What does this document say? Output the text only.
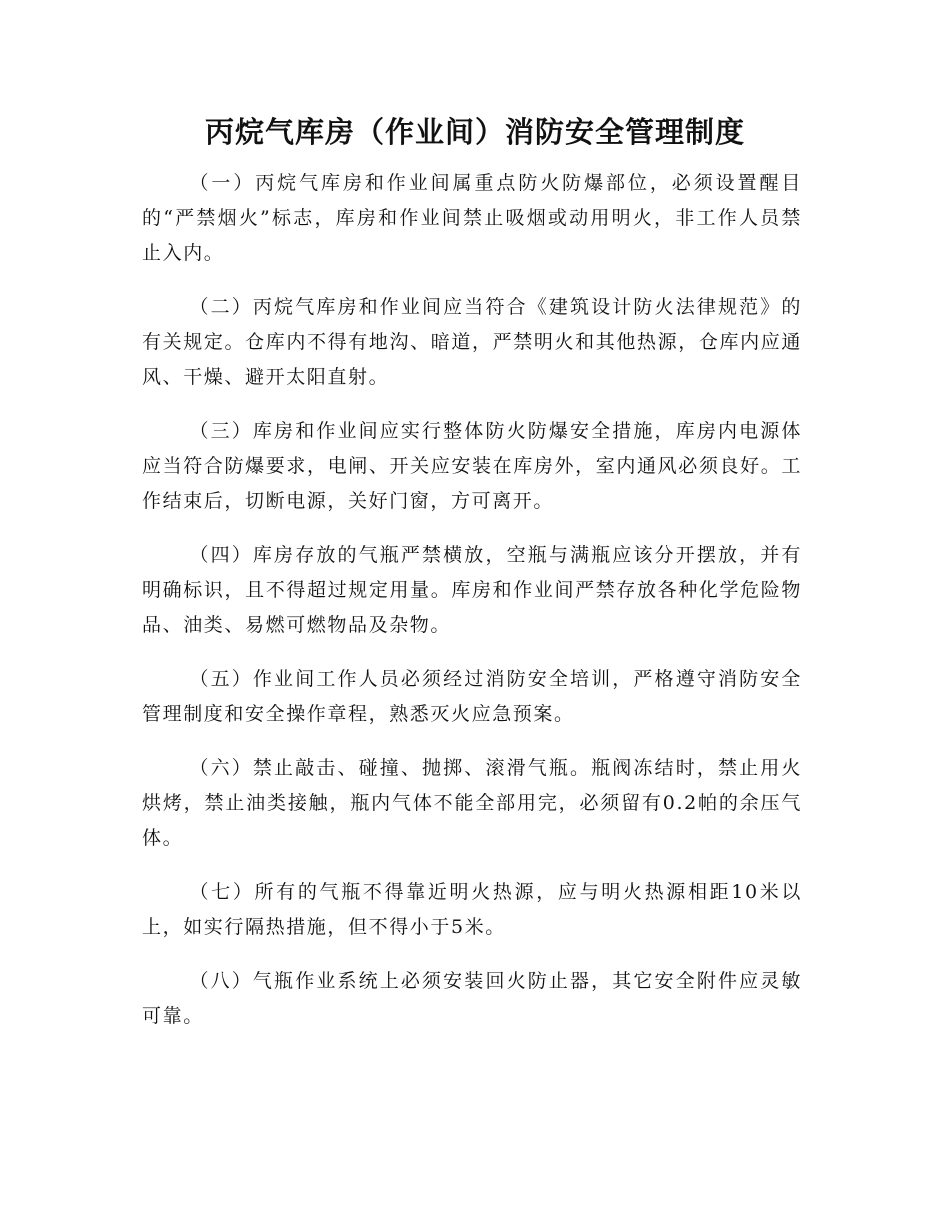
丙烷气库房（作业间）消防安全管理制度

（一）丙烷气库房和作业间属重点防火防爆部位，必须设置醒目的“严禁烟火”标志，库房和作业间禁止吸烟或动用明火，非工作人员禁止入内。

（二）丙烷气库房和作业间应当符合《建筑设计防火法律规范》的有关规定。仓库内不得有地沟、暗道，严禁明火和其他热源，仓库内应通风、干燥、避开太阳直射。

（三）库房和作业间应实行整体防火防爆安全措施，库房内电源体应当符合防爆要求，电闸、开关应安装在库房外，室内通风必须良好。工作结束后，切断电源，关好门窗，方可离开。

（四）库房存放的气瓶严禁横放，空瓶与满瓶应该分开摆放，并有明确标识，且不得超过规定用量。库房和作业间严禁存放各种化学危险物品、油类、易燃可燃物品及杂物。

（五）作业间工作人员必须经过消防安全培训，严格遵守消防安全管理制度和安全操作章程，熟悉灭火应急预案。

（六）禁止敲击、碰撞、抛掷、滚滑气瓶。瓶阀冻结时，禁止用火烘烤，禁止油类接触，瓶内气体不能全部用完，必须留有0.2帕的余压气体。

（七）所有的气瓶不得靠近明火热源，应与明火热源相距10米以上，如实行隔热措施，但不得小于5米。

（八）气瓶作业系统上必须安装回火防止器，其它安全附件应灵敏可靠。
